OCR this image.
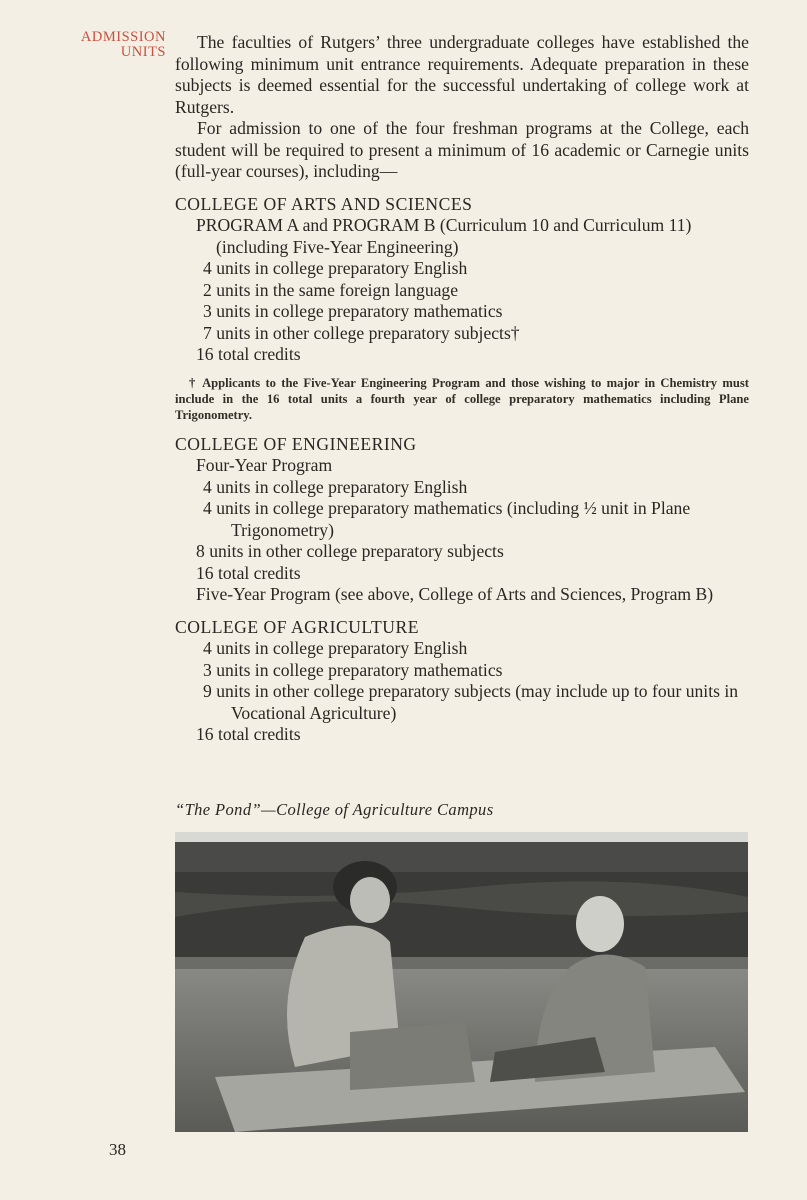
ADMISSION
UNITS	The faculties of Rutgers’ three undergraduate colleges have established the following minimum unit entrance requirements. Adequate preparation in these subjects is deemed essential for the successful undertaking of college work at Rutgers.

For admission to one of the four freshman programs at the College, each student will be required to present a minimum of 16 academic or Carnegie units (full-year courses), including—

COLLEGE OF ARTS AND SCIENCES
PROGRAM A and PROGRAM B (Curriculum 10 and Curriculum 11) (including Five-Year Engineering)
4 units in college preparatory English
2 units in the same foreign language
3 units in college preparatory mathematics
7 units in other college preparatory subjects†
16 total credits
† Applicants to the Five-Year Engineering Program and those wishing to major in Chemistry must include in the 16 total units a fourth year of college preparatory mathematics including Plane Trigonometry.
COLLEGE OF ENGINEERING
Four-Year Program
4 units in college preparatory English
4 units in college preparatory mathematics (including ½ unit in Plane Trigonometry)
8 units in other college preparatory subjects
16 total credits
Five-Year Program (see above, College of Arts and Sciences, Program B)
COLLEGE OF AGRICULTURE
4 units in college preparatory English
3 units in college preparatory mathematics
9 units in other college preparatory subjects (may include up to four units in Vocational Agriculture)
16 total credits
“The Pond”—College of Agriculture Campus
38
